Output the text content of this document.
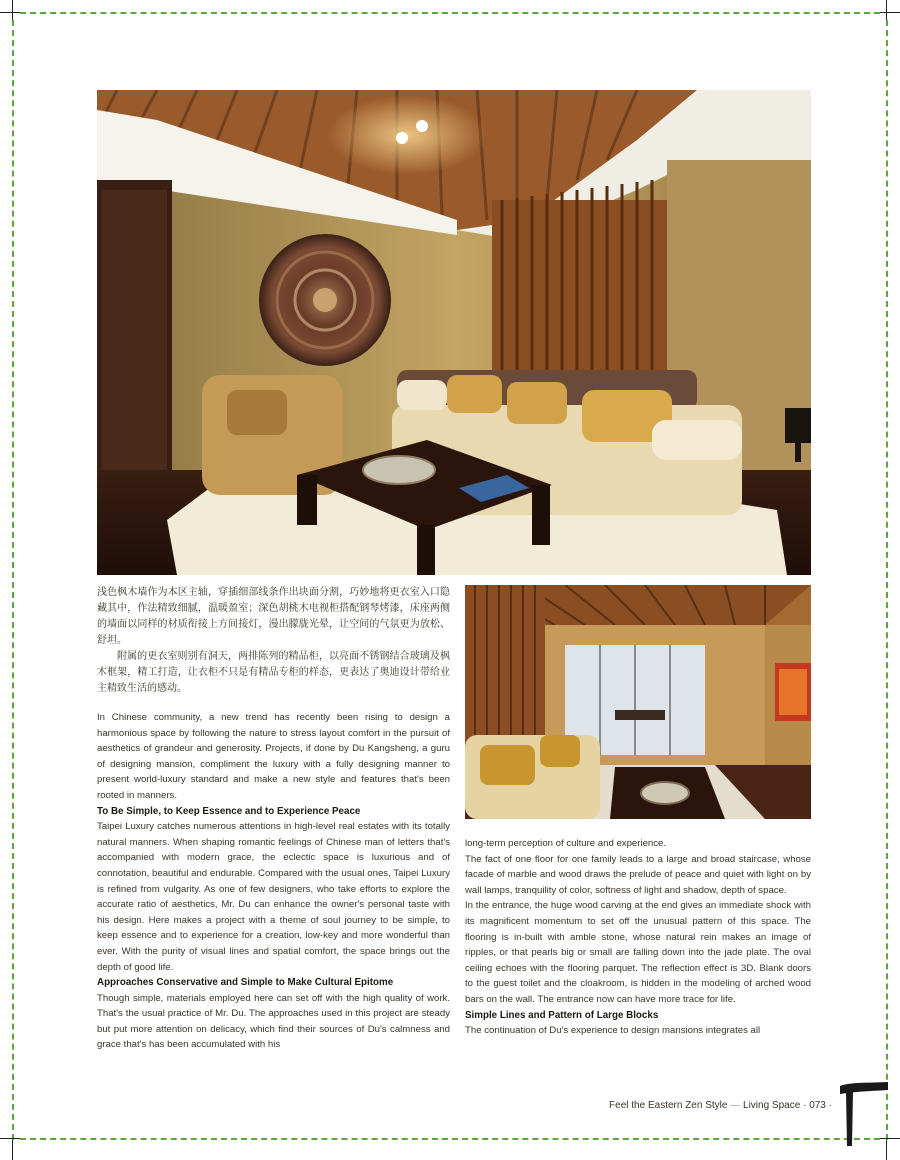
浅色枫木墙作为本区主轴，穿插细部线条作出块面分割，巧妙地将更衣室入口隐藏其中，作法精致细腻，温暖盈室；深色胡桃木电视柜搭配钢琴烤漆，床座两侧的墙面以同样的材质衔接上方间接灯，漫出朦胧光晕，让空间的气氛更为放松、舒坦。

附属的更衣室则别有洞天，两排陈列的精品柜，以亮面不锈钢结合玻璃及枫木框架，精工打造，让衣柜不只是有精品专柜的样态，更表达了奥迪设计带给业主精致生活的感动。

In Chinese community, a new trend has recently been rising to design a harmonious space by following the nature to stress layout comfort in the pursuit of aesthetics of grandeur and generosity. Projects, if done by Du Kangsheng, a guru of designing mansion, compliment the luxury with a fully designing manner to present world-luxury standard and make a new style and features that's been rooted in manners.

To Be Simple, to Keep Essence and to Experience Peace

Taipei Luxury catches numerous attentions in high-level real estates with its totally natural manners. When shaping romantic feelings of Chinese man of letters that's accompanied with modern grace, the eclectic space is luxurious and of connotation, beautiful and endurable. Compared with the usual ones, Taipei Luxury is refined from vulgarity. As one of few designers, who take efforts to explore the accurate ratio of aesthetics, Mr. Du can enhance the owner's personal taste with his design. Here makes a project with a theme of soul journey to be simple, to keep essence and to experience for a creation, low-key and more wonderful than ever. With the purity of visual lines and spatial comfort, the space brings out the depth of good life.

Approaches Conservative and Simple to Make Cultural Epitome

Though simple, materials employed here can set off with the high quality of work. That's the usual practice of Mr. Du. The approaches used in this project are steady but put more attention on delicacy, which find their sources of Du's calmness and grace that's has been accumulated with his

long-term perception of culture and experience.

The fact of one floor for one family leads to a large and broad staircase, whose facade of marble and wood draws the prelude of peace and quiet with light on by wall lamps, tranquility of color, softness of light and shadow, depth of space.

In the entrance, the huge wood carving at the end gives an immediate shock with its magnificent momentum to set off the unusual pattern of this space. The flooring is in-built with amble stone, whose natural rein makes an image of ripples, or that pearls big or small are falling down into the jade plate. The oval ceiling echoes with the flooring parquet. The reflection effect is 3D. Blank doors to the guest toilet and the cloakroom, is hidden in the modeling of arched wood bars on the wall. The entrance now can have more trace for life.

Simple Lines and Pattern of Large Blocks

The continuation of Du's experience to design mansions integrates all

Feel the Eastern Zen Style — Living Space · 073 ·
